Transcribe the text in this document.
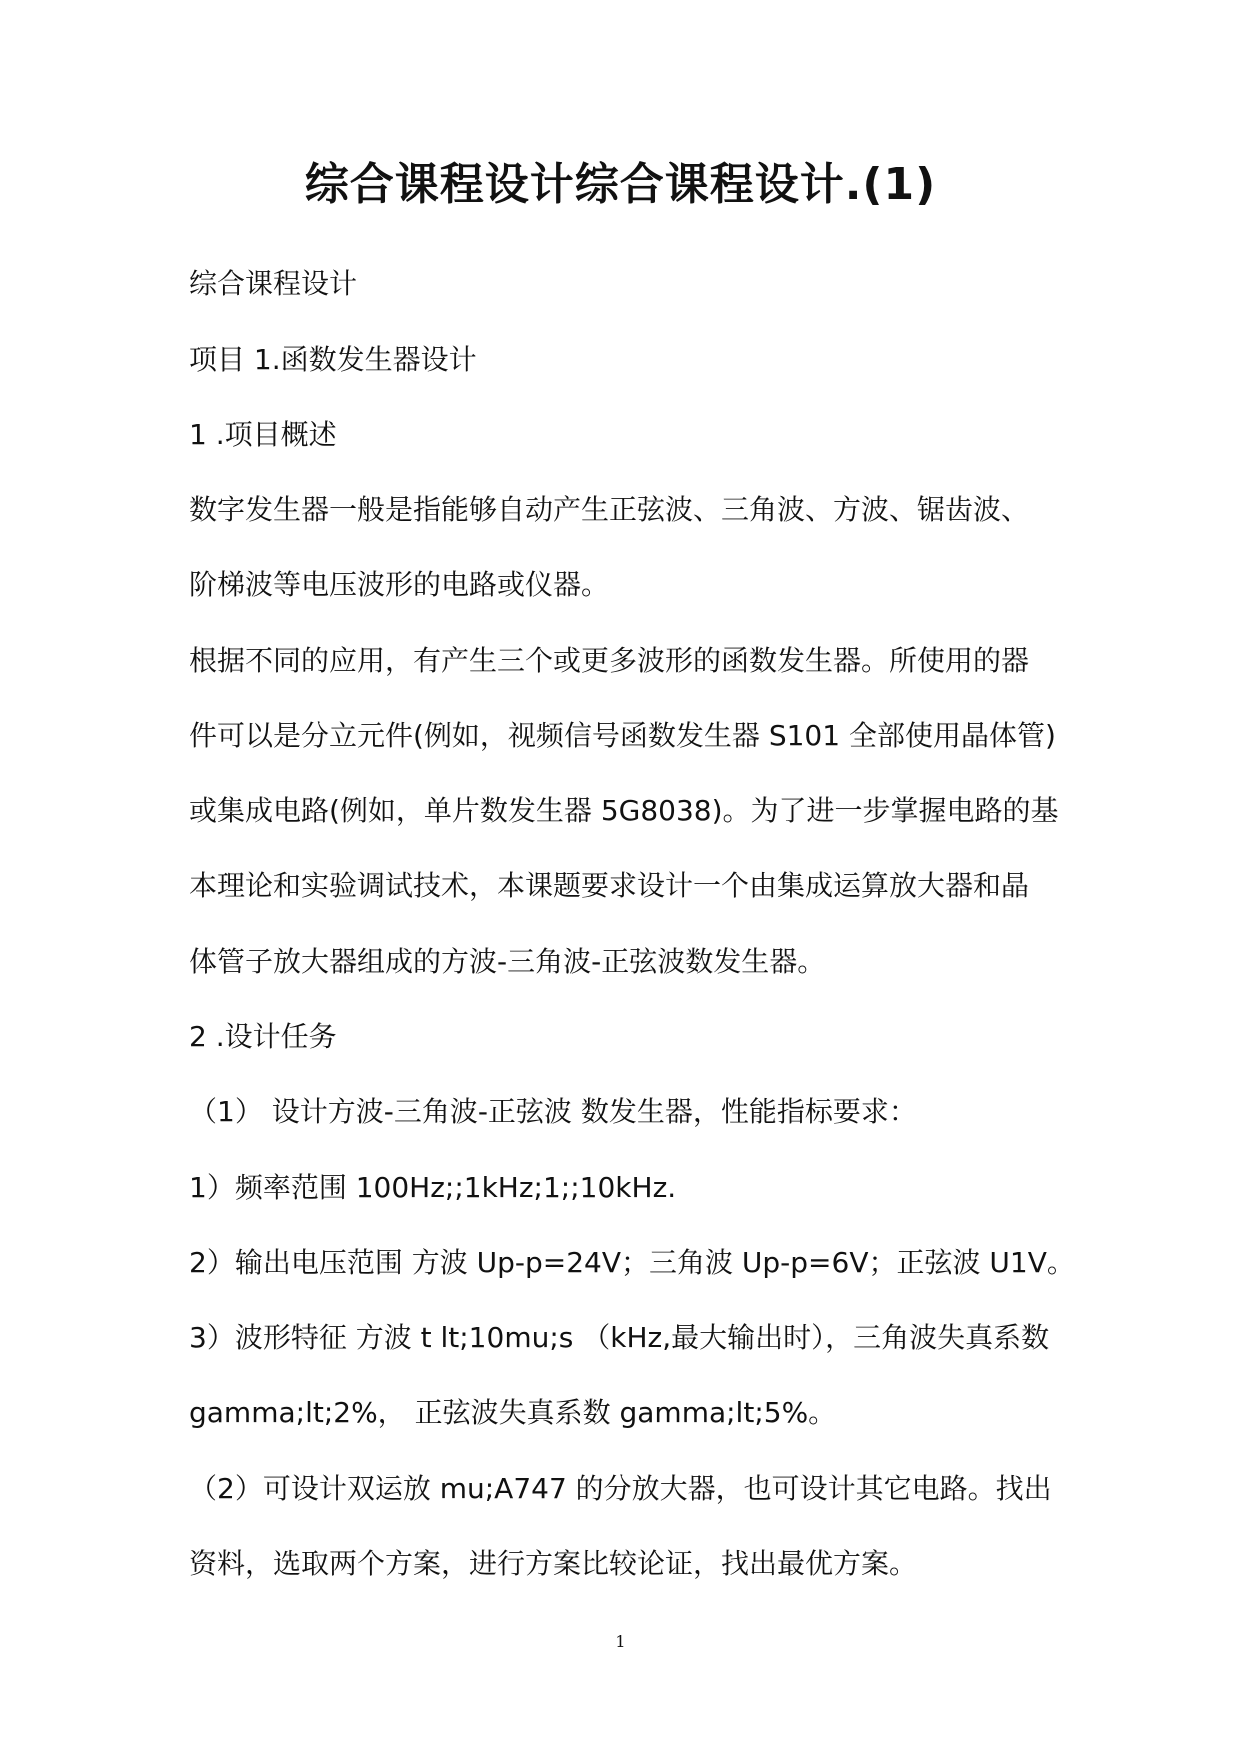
综合课程设计综合课程设计.(1)
综合课程设计
项目 1.函数发生器设计
1 .项目概述
数字发生器一般是指能够自动产生正弦波、三角波、方波、锯齿波、
阶梯波等电压波形的电路或仪器。
根据不同的应用，有产生三个或更多波形的函数发生器。所使用的器
件可以是分立元件(例如，视频信号函数发生器 S101 全部使用晶体管)
或集成电路(例如，单片数发生器 5G8038)。为了进一步掌握电路的基
本理论和实验调试技术，本课题要求设计一个由集成运算放大器和晶
体管子放大器组成的方波-三角波-正弦波数发生器。
2 .设计任务
（1） 设计方波-三角波-正弦波 数发生器，性能指标要求：
1）频率范围 100Hz;;1kHz;1;;10kHz.
2）输出电压范围 方波 Up-p=24V；三角波 Up-p=6V；正弦波 U1V。
3）波形特征 方波 t lt;10mu;s （kHz,最大输出时），三角波失真系数
gamma;lt;2%， 正弦波失真系数 gamma;lt;5%。
（2）可设计双运放 mu;A747 的分放大器，也可设计其它电路。找出
资料，选取两个方案，进行方案比较论证，找出最优方案。
1
